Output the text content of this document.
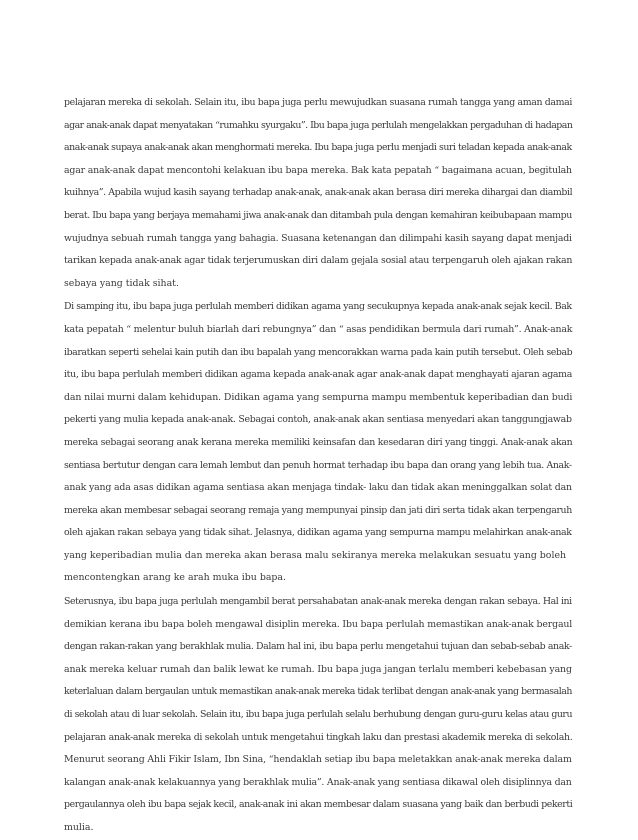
pelajaran mereka di sekolah. Selain itu, ibu bapa juga perlu mewujudkan suasana rumah tangga yang aman damai
agar anak-anak dapat menyatakan “rumahku syurgaku”. Ibu bapa juga perlulah mengelakkan pergaduhan di hadapan
anak-anak supaya anak-anak akan menghormati mereka. Ibu bapa juga perlu menjadi suri teladan kepada anak-anak
agar anak-anak dapat mencontohi kelakuan ibu bapa mereka. Bak kata pepatah “ bagaimana acuan, begitulah
kuihnya”. Apabila wujud kasih sayang terhadap anak-anak, anak-anak akan berasa diri mereka dihargai dan diambil
berat. Ibu bapa yang berjaya memahami jiwa anak-anak dan ditambah pula dengan kemahiran keibubapaan mampu
wujudnya sebuah rumah tangga yang bahagia. Suasana ketenangan dan dilimpahi kasih sayang dapat menjadi
tarikan kepada anak-anak agar tidak terjerumuskan diri dalam gejala sosial atau terpengaruh oleh ajakan rakan
sebaya yang tidak sihat.
Di samping itu, ibu bapa juga perlulah memberi didikan agama yang secukupnya kepada anak-anak sejak kecil. Bak
kata pepatah “ melentur buluh biarlah dari rebungnya” dan “ asas pendidikan bermula dari rumah”. Anak-anak
ibaratkan seperti sehelai kain putih dan ibu bapalah yang mencorakkan warna pada kain putih tersebut. Oleh sebab
itu, ibu bapa perlulah memberi didikan agama kepada anak-anak agar anak-anak dapat menghayati ajaran agama
dan nilai murni dalam kehidupan. Didikan agama yang sempurna mampu membentuk keperibadian dan budi
pekerti yang mulia kepada anak-anak. Sebagai contoh, anak-anak akan sentiasa menyedari akan tanggungjawab
mereka sebagai seorang anak kerana mereka memiliki keinsafan dan kesedaran diri yang tinggi. Anak-anak akan
sentiasa bertutur dengan cara lemah lembut dan penuh hormat terhadap ibu bapa dan orang yang lebih tua. Anak-
anak yang ada asas didikan agama sentiasa akan menjaga tindak- laku dan tidak akan meninggalkan solat dan
mereka akan membesar sebagai seorang remaja yang mempunyai pinsip dan jati diri serta tidak akan terpengaruh
oleh ajakan rakan sebaya yang tidak sihat. Jelasnya, didikan agama yang sempurna mampu melahirkan anak-anak
yang keperibadian mulia dan mereka akan berasa malu sekiranya mereka melakukan sesuatu yang boleh
mencontengkan arang ke arah muka ibu bapa.
Seterusnya, ibu bapa juga perlulah mengambil berat persahabatan anak-anak mereka dengan rakan sebaya. Hal ini
demikian kerana ibu bapa boleh mengawal disiplin mereka. Ibu bapa perlulah memastikan anak-anak bergaul
dengan rakan-rakan yang berakhlak mulia. Dalam hal ini, ibu bapa perlu mengetahui tujuan dan sebab-sebab anak-
anak mereka keluar rumah dan balik lewat ke rumah. Ibu bapa juga jangan terlalu memberi kebebasan yang
keterlaluan dalam bergaulan untuk memastikan anak-anak mereka tidak terlibat dengan anak-anak yang bermasalah
di sekolah atau di luar sekolah. Selain itu, ibu bapa juga perlulah selalu berhubung dengan guru-guru kelas atau guru
pelajaran anak-anak mereka di sekolah untuk mengetahui tingkah laku dan prestasi akademik mereka di sekolah.
Menurut seorang Ahli Fikir Islam, Ibn Sina, “hendaklah setiap ibu bapa meletakkan anak-anak mereka dalam
kalangan anak-anak kelakuannya yang berakhlak mulia”. Anak-anak yang sentiasa dikawal oleh disiplinnya dan
pergaulannya oleh ibu bapa sejak kecil, anak-anak ini akan membesar dalam suasana yang baik dan berbudi pekerti
mulia.
